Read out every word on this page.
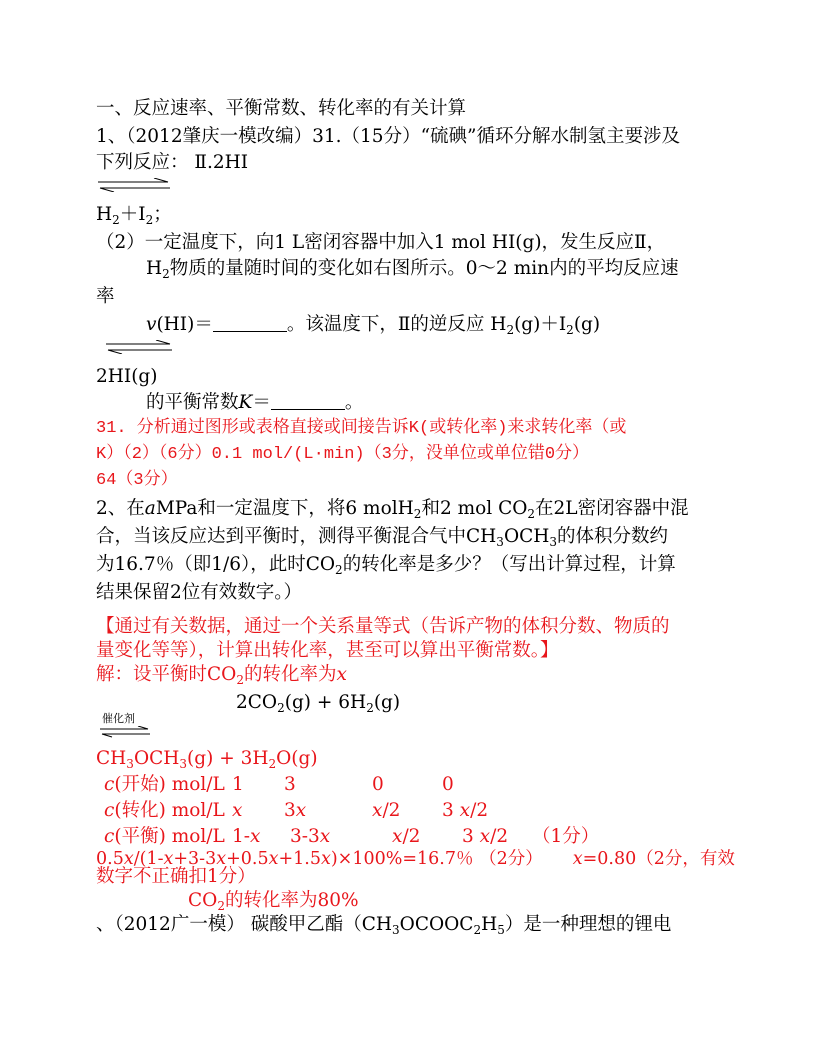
一、反应速率、平衡常数、转化率的有关计算
1、（2012肇庆一模改编）31.（15分）“硫碘”循环分解水制氢主要涉及
下列反应： Ⅱ.2HI
$H_2+I_2$；
（2）一定温度下，向1 L密闭容器中加入1 mol HI(g)，发生反应Ⅱ，
$H_2$物质的量随时间的变化如右图所示。0～2 min内的平均反应速
率
v(HI)＝	。该温度下，Ⅱ的逆反应 $H_2(g)+I_2(g)$
2HI(g)
的平衡常数K＝	。
31. 分析通过图形或表格直接或间接告诉K(或转化率)来求转化率（或
K）（2）（6分）0.1 mol/(L·min)（3分，没单位或单位错0分）
64（3分）
2、在aMPa和一定温度下，将6 molH$_2$和2 mol $CO_2$在2L密闭容器中混
合，当该反应达到平衡时，测得平衡混合气中$CH_3OCH_3$的体积分数约
为16.7％（即1/6），此时$CO_2$的转化率是多少？（写出计算过程，计算
结果保留2位有效数字。）
【通过有关数据，通过一个关系量等式（告诉产物的体积分数、物质的
量变化等等），计算出转化率，甚至可以算出平衡常数。】
解：设平衡时$CO_2$的转化率为x
$2CO_2(g) + 6H_2(g)$
催化剂
$CH_3OCH_3(g) + 3H_2O(g)$
c(开始) mol/L 1 3	0	0
c(转化) mol/L x 3x	x/2 3 x/2
c(平衡) mol/L 1-x 3-3x	x/2 3 x/2 （1分）
0.5x/(1-x+3-3x+0.5x+1.5x)×100%=16.7％ （2分） x=0.80（2分，有效
数字不正确扣1分）
$CO_2$的转化率为80%
、（2012广一模） 碳酸甲乙酯$(CH_3OCOOC_2H_5)$是一种理想的锂电
